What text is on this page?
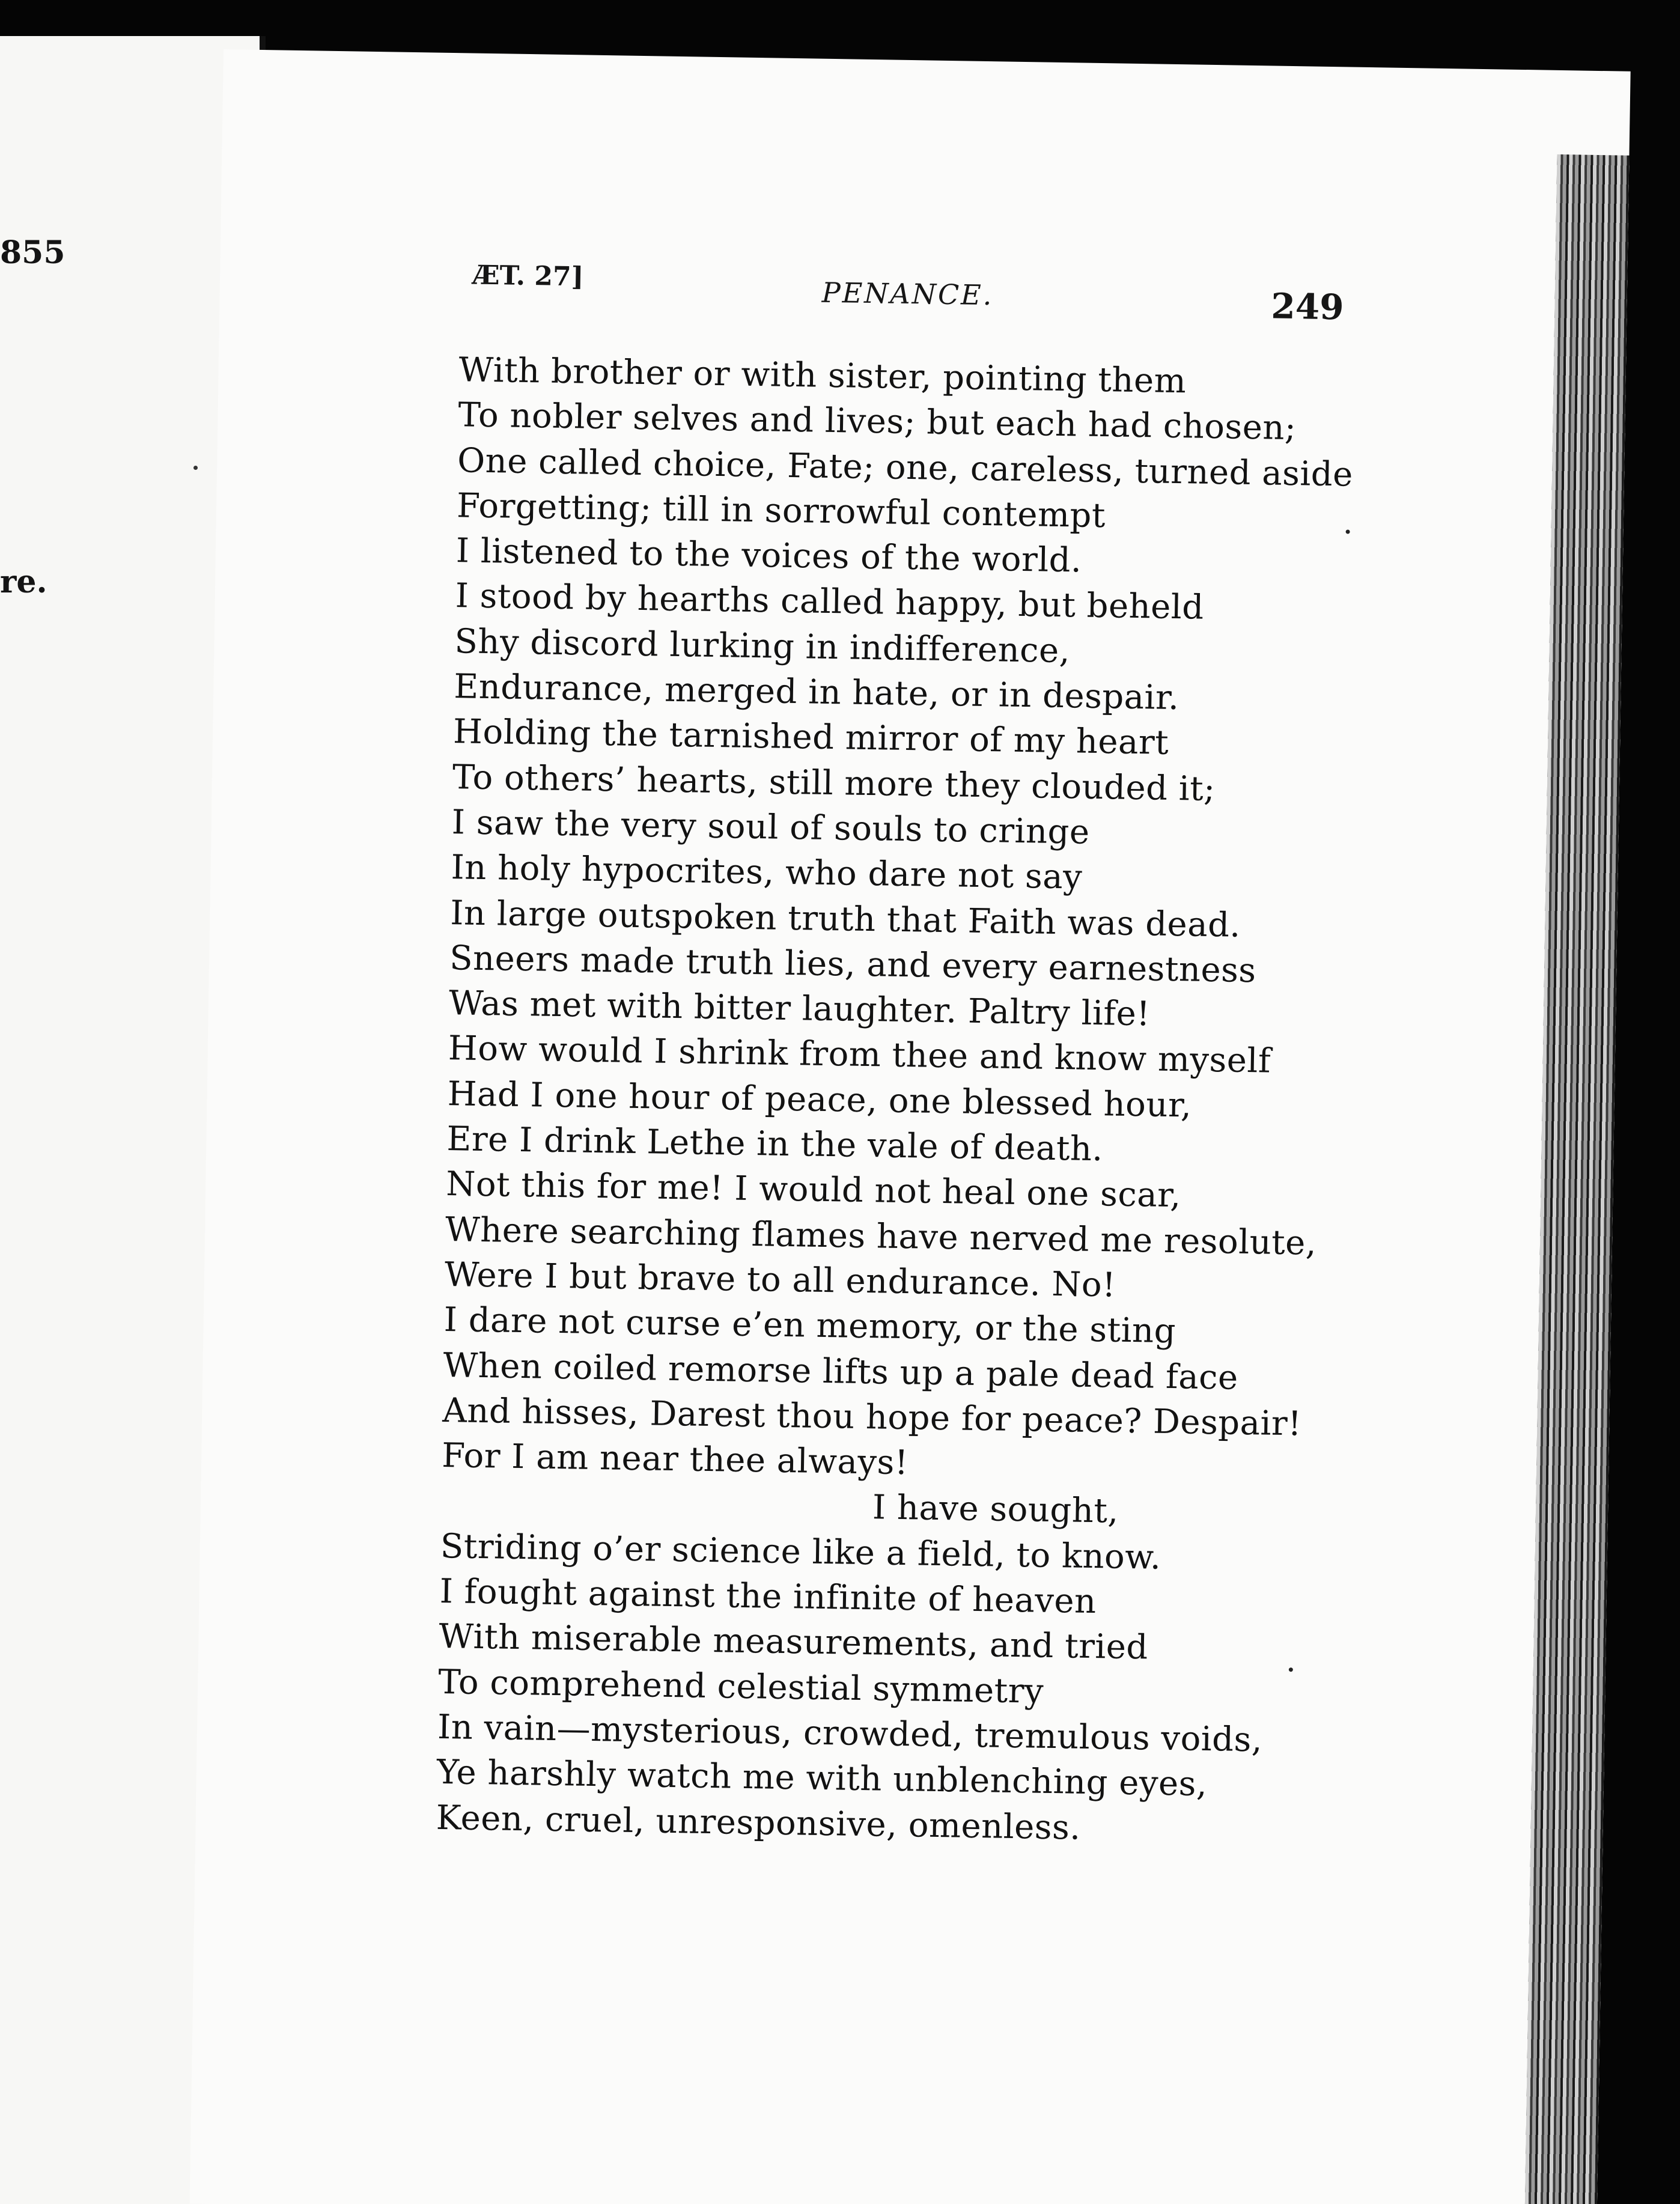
855
re.
ÆT. 27]
PENANCE.	249
With brother or with sister, pointing them
To nobler selves and lives; but each had chosen;
One called choice, Fate; one, careless, turned aside
Forgetting; till in sorrowful contempt
I listened to the voices of the world.
I stood by hearths called happy, but beheld
Shy discord lurking in indifference,
Endurance, merged in hate, or in despair.
Holding the tarnished mirror of my heart
To others’ hearts, still more they clouded it;
I saw the very soul of souls to cringe
In holy hypocrites, who dare not say
In large outspoken truth that Faith was dead.
Sneers made truth lies, and every earnestness
Was met with bitter laughter. Paltry life!
How would I shrink from thee and know myself
Had I one hour of peace, one blessed hour,
Ere I drink Lethe in the vale of death.
Not this for me! I would not heal one scar,
Where searching flames have nerved me resolute,
Were I but brave to all endurance. No!
I dare not curse e’en memory, or the sting
When coiled remorse lifts up a pale dead face
And hisses, Darest thou hope for peace? Despair!
For I am near thee always!
I have sought,
Striding o’er science like a field, to know.
I fought against the infinite of heaven
With miserable measurements, and tried
To comprehend celestial symmetry
In vain—mysterious, crowded, tremulous voids,
Ye harshly watch me with unblenching eyes,
Keen, cruel, unresponsive, omenless.
